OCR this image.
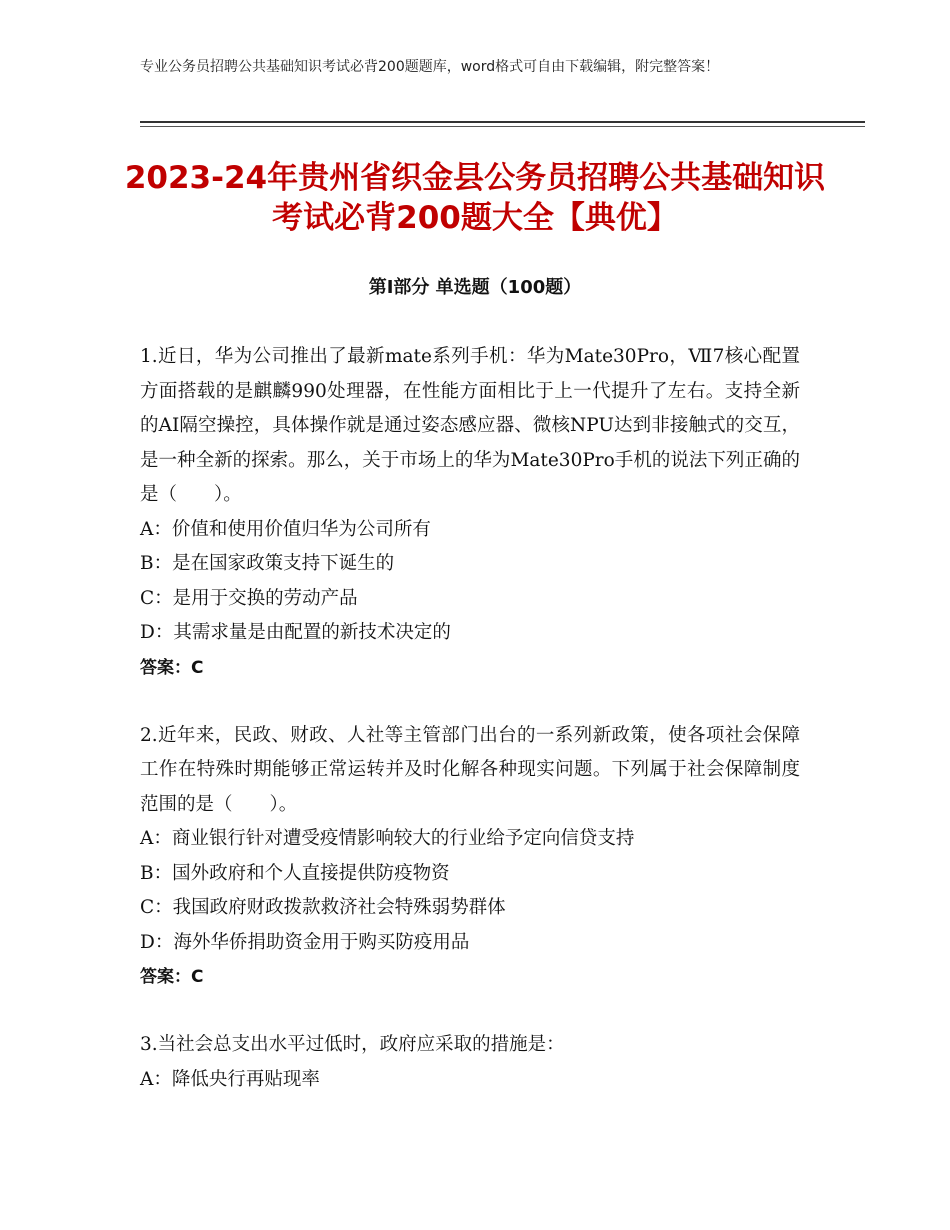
专业公务员招聘公共基础知识考试必背200题题库，word格式可自由下载编辑，附完整答案！
2023-24年贵州省织金县公务员招聘公共基础知识考试必背200题大全【典优】
第Ⅰ部分 单选题（100题）

1.近日，华为公司推出了最新mate系列手机：华为Mate30Pro，Ⅶ7核心配置方面搭载的是麒麟990处理器，在性能方面相比于上一代提升了左右。支持全新的AI隔空操控，具体操作就是通过姿态感应器、微核NPU达到非接触式的交互，是一种全新的探索。那么，关于市场上的华为Mate30Pro手机的说法下列正确的是（　　）。

A：价值和使用价值归华为公司所有

B：是在国家政策支持下诞生的

C：是用于交换的劳动产品

D：其需求量是由配置的新技术决定的

答案：C

2.近年来，民政、财政、人社等主管部门出台的一系列新政策，使各项社会保障工作在特殊时期能够正常运转并及时化解各种现实问题。下列属于社会保障制度范围的是（　　）。

A：商业银行针对遭受疫情影响较大的行业给予定向信贷支持

B：国外政府和个人直接提供防疫物资

C：我国政府财政拨款救济社会特殊弱势群体

D：海外华侨捐助资金用于购买防疫用品

答案：C

3.当社会总支出水平过低时，政府应采取的措施是：

A：降低央行再贴现率
